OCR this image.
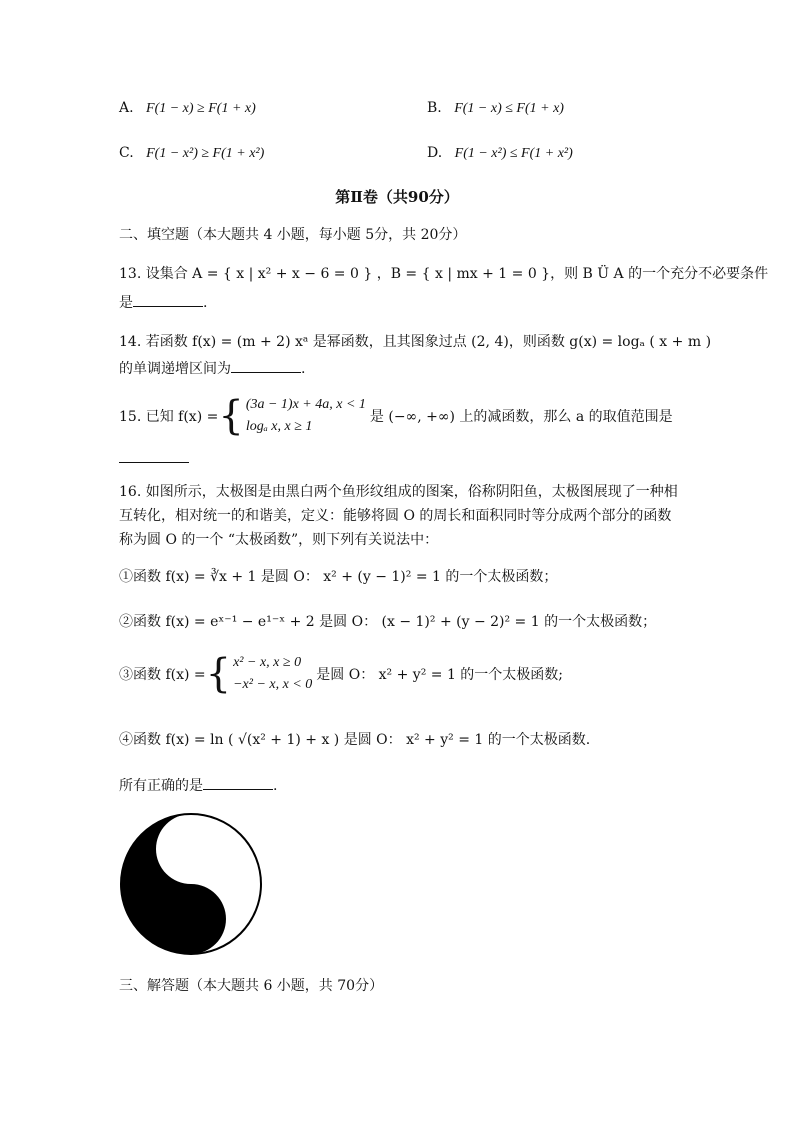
A. F(1 − x) ≥ F(1 + x)	B. F(1 − x) ≤ F(1 + x)
C. F(1 − x²) ≥ F(1 + x²)	D. F(1 − x²) ≤ F(1 + x²)
第Ⅱ卷（共90分）
二、填空题（本大题共 4 小题，每小题 5分，共 20分）
13. 设集合 A = { x | x² + x − 6 = 0 } ，B = { x | mx + 1 = 0 }，则 B Ü A 的一个充分不必要条件
是	.
14. 若函数 f(x) = (m + 2) xᵃ 是幂函数，且其图象过点 (2, 4)，则函数 g(x) = logₐ ( x + m )
的单调递增区间为	.
15. 已知 f(x) = { (3a − 1)x + 4a, x < 1
logₐ x, x ≥ 1
是 (−∞, +∞) 上的减函数，那么 a 的取值范围是
16. 如图所示，太极图是由黑白两个鱼形纹组成的图案，俗称阴阳鱼，太极图展现了一种相
互转化，相对统一的和谐美，定义：能够将圆 O 的周长和面积同时等分成两个部分的函数
称为圆 O 的一个 “太极函数”，则下列有关说法中：
①函数 f(x) = ∛x + 1 是圆 O： x² + (y − 1)² = 1 的一个太极函数；
②函数 f(x) = eˣ⁻¹ − e¹⁻ˣ + 2 是圆 O： (x − 1)² + (y − 2)² = 1 的一个太极函数；
③函数 f(x) = { x² − x, x ≥ 0
−x² − x, x < 0
是圆 O： x² + y² = 1 的一个太极函数;
④函数 f(x) = ln ( √(x² + 1) + x ) 是圆 O： x² + y² = 1 的一个太极函数.
所有正确的是	.
三、解答题（本大题共 6 小题，共 70分）
